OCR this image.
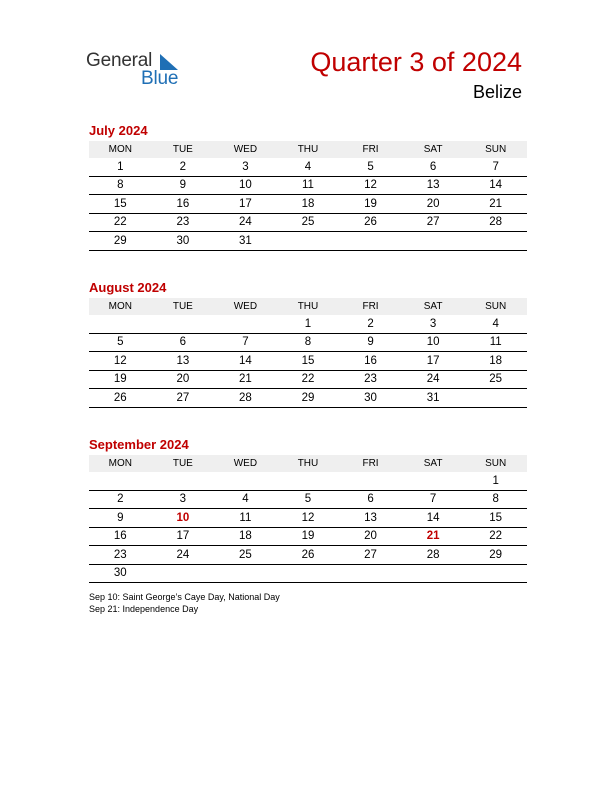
General
Blue
Quarter 3 of 2024
Belize
July 2024
MON	TUE	WED	THU	FRI	SAT	SUN
1	2	3	4	5	6	7
8	9	10	11	12	13	14
15	16	17	18	19	20	21
22	23	24	25	26	27	28
29	30	31				
August 2024
MON	TUE	WED	THU	FRI	SAT	SUN
			1	2	3	4
5	6	7	8	9	10	11
12	13	14	15	16	17	18
19	20	21	22	23	24	25
26	27	28	29	30	31	
September 2024
MON	TUE	WED	THU	FRI	SAT	SUN
						1
2	3	4	5	6	7	8
9	10	11	12	13	14	15
16	17	18	19	20	21	22
23	24	25	26	27	28	29
30						
Sep 10: Saint George’s Caye Day, National Day
Sep 21: Independence Day
